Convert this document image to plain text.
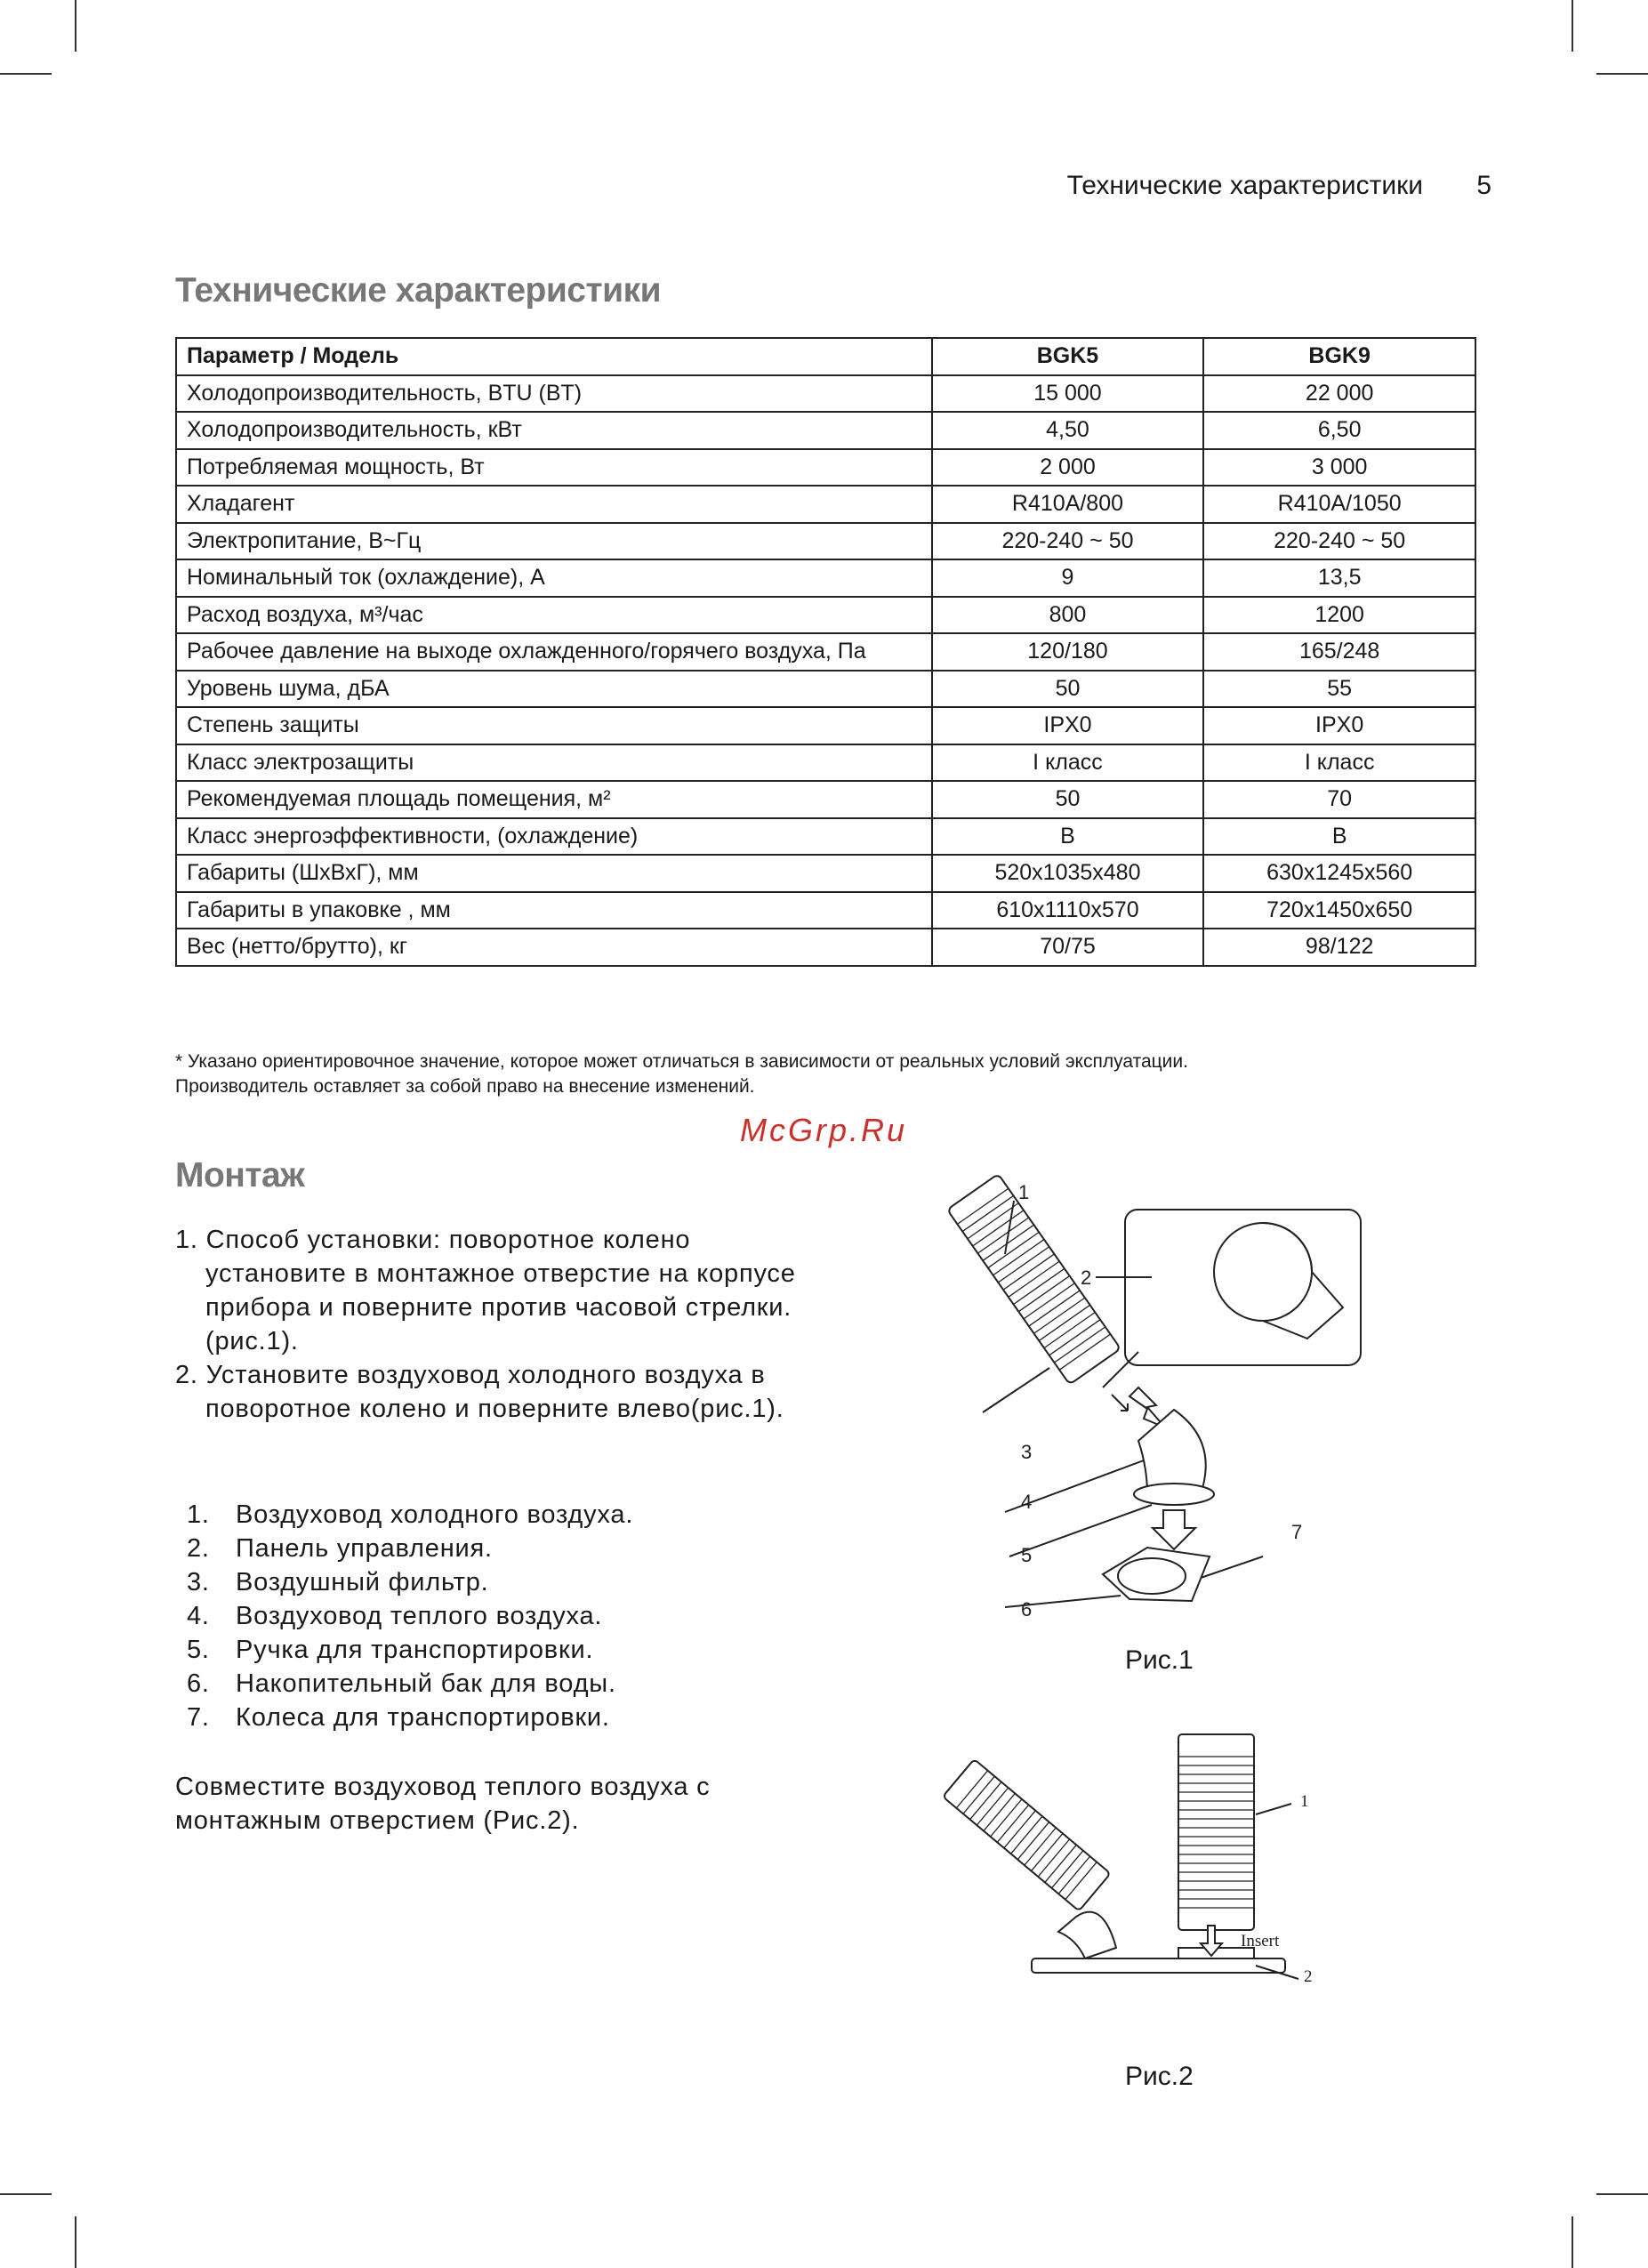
Технические характеристики 5
Технические характеристики
Параметр / Модель	BGK5	BGK9
Холодопроизводительность, BTU (BT)	15 000	22 000
Холодопроизводительность, кВт	4,50	6,50
Потребляемая мощность, Вт	2 000	3 000
Хладагент	R410A/800	R410A/1050
Электропитание, В~Гц	220-240 ~ 50	220-240 ~ 50
Номинальный ток (охлаждение), А	9	13,5
Расход воздуха, м³/час	800	1200
Рабочее давление на выходе охлажденного/горячего воздуха, Па	120/180	165/248
Уровень шума, дБА	50	55
Степень защиты	IPX0	IPX0
Класс электрозащиты	I класс	I класс
Рекомендуемая площадь помещения, м²	50	70
Класс энергоэффективности, (охлаждение)	B	B
Габариты (ШхВхГ), мм	520x1035x480	630x1245x560
Габариты в упаковке , мм	610x1110x570	720x1450x650
Вес (нетто/брутто), кг	70/75	98/122
* Указано ориентировочное значение, которое может отличаться в зависимости от реальных условий эксплуатации.
Производитель оставляет за собой право на внесение изменений.
McGrp.Ru
Монтаж
1. Способ установки: поворотное колено установите в монтажное отверстие на корпусе прибора и поверните против часовой стрелки. (рис.1).
2. Установите воздуховод холодного воздуха в поворотное колено и поверните влево(рис.1).
1.	Воздуховод холодного воздуха.
2.	Панель управления.
3.	Воздушный фильтр.
4.	Воздуховод теплого воздуха.
5.	Ручка для транспортировки.
6.	Накопительный бак для воды.
7.	Колеса для транспортировки.
Совместите воздуховод теплого воздуха с монтажным отверстием (Рис.2).
1
2
3
4
5
6
7
Рис.1
1
2
Insert
Рис.2
